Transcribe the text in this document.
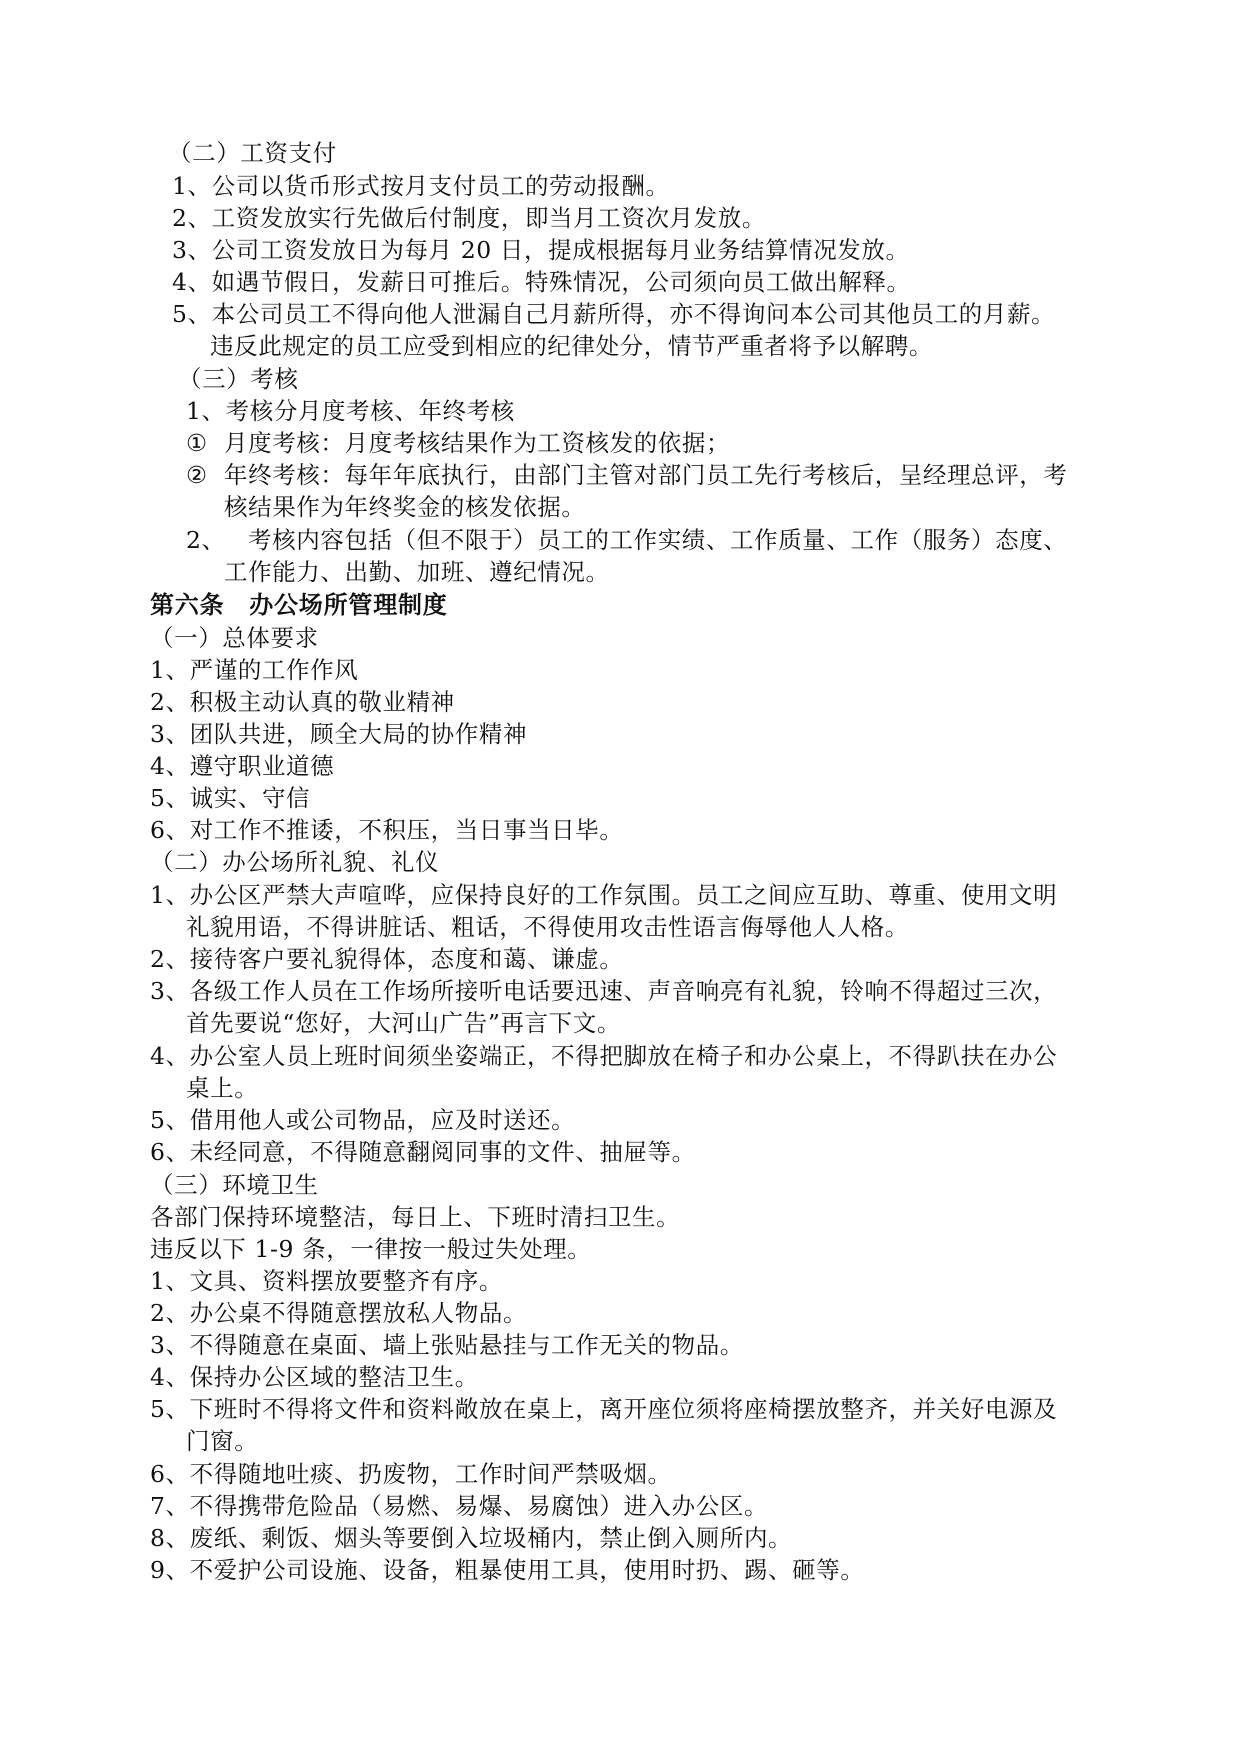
（二）工资支付
1、公司以货币形式按月支付员工的劳动报酬。
2、工资发放实行先做后付制度，即当月工资次月发放。
3、公司工资发放日为每月 20 日，提成根据每月业务结算情况发放。
4、如遇节假日，发薪日可推后。特殊情况，公司须向员工做出解释。
5、本公司员工不得向他人泄漏自己月薪所得，亦不得询问本公司其他员工的月薪。
违反此规定的员工应受到相应的纪律处分，情节严重者将予以解聘。
（三）考核
1、考核分月度考核、年终考核
① 月度考核：月度考核结果作为工资核发的依据；
② 年终考核：每年年底执行，由部门主管对部门员工先行考核后，呈经理总评，考
核结果作为年终奖金的核发依据。
2、 考核内容包括（但不限于）员工的工作实绩、工作质量、工作（服务）态度、
工作能力、出勤、加班、遵纪情况。
第六条　办公场所管理制度
（一）总体要求
1、严谨的工作作风
2、积极主动认真的敬业精神
3、团队共进，顾全大局的协作精神
4、遵守职业道德
5、诚实、守信
6、对工作不推诿，不积压，当日事当日毕。
（二）办公场所礼貌、礼仪
1、办公区严禁大声喧哗，应保持良好的工作氛围。员工之间应互助、尊重、使用文明
礼貌用语，不得讲脏话、粗话，不得使用攻击性语言侮辱他人人格。
2、接待客户要礼貌得体，态度和蔼、谦虚。
3、各级工作人员在工作场所接听电话要迅速、声音响亮有礼貌，铃响不得超过三次，
首先要说“您好，大河山广告”再言下文。
4、办公室人员上班时间须坐姿端正，不得把脚放在椅子和办公桌上，不得趴扶在办公
桌上。
5、借用他人或公司物品，应及时送还。
6、未经同意，不得随意翻阅同事的文件、抽屉等。
（三）环境卫生
各部门保持环境整洁，每日上、下班时清扫卫生。
违反以下 1-9 条，一律按一般过失处理。
1、文具、资料摆放要整齐有序。
2、办公桌不得随意摆放私人物品。
3、不得随意在桌面、墙上张贴悬挂与工作无关的物品。
4、保持办公区域的整洁卫生。
5、下班时不得将文件和资料敞放在桌上，离开座位须将座椅摆放整齐，并关好电源及
门窗。
6、不得随地吐痰、扔废物，工作时间严禁吸烟。
7、不得携带危险品（易燃、易爆、易腐蚀）进入办公区。
8、废纸、剩饭、烟头等要倒入垃圾桶内，禁止倒入厕所内。
9、不爱护公司设施、设备，粗暴使用工具，使用时扔、踢、砸等。
